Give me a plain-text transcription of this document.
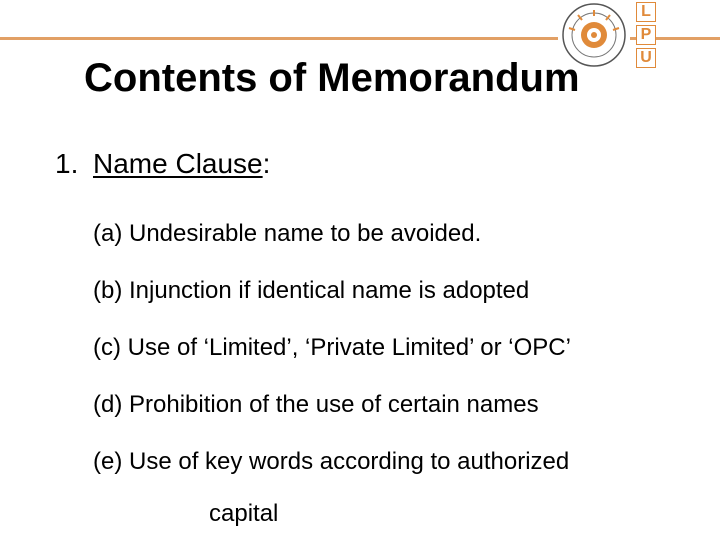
L
P
U
Contents of Memorandum

1. Name Clause:

(a) Undesirable name to be avoided.

(b) Injunction if identical name is adopted

(c) Use of ‘Limited’, ‘Private Limited’ or ‘OPC’

(d) Prohibition of the use of certain names

(e) Use of key words according to authorized

capital
